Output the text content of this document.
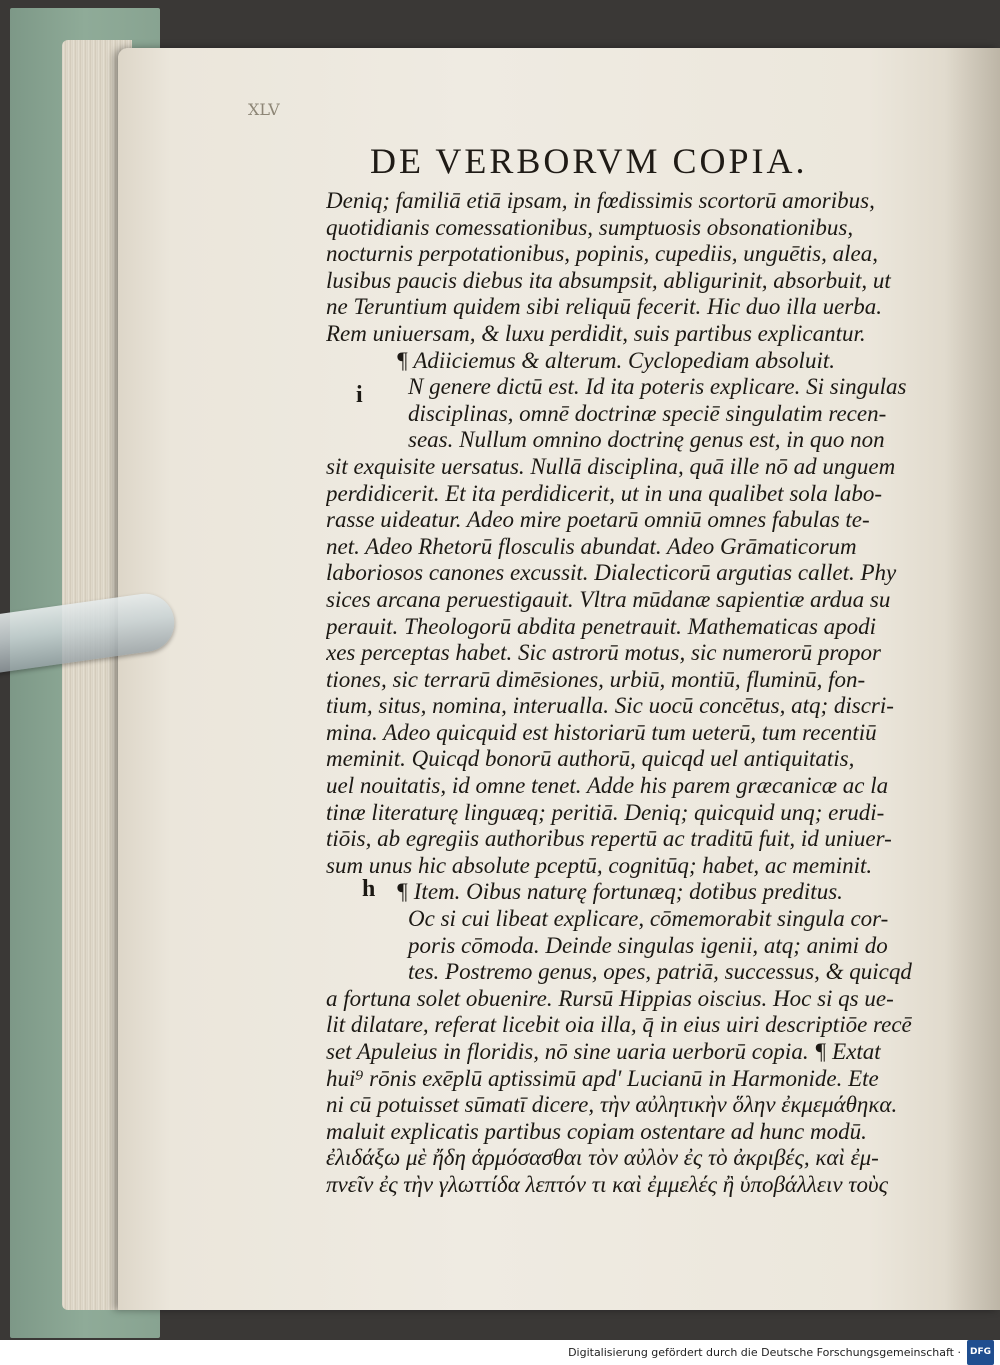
XLV
DE VERBORVM COPIA.
i
h
Deniq; familiā etiā ipsam, in fœdissimis scortorū amoribus,
quotidianis comessationibus, sumptuosis obsonationibus,
nocturnis perpotationibus, popinis, cupediis, unguētis, alea,
lusibus paucis diebus ita absumpsit, abligurinit, absorbuit, ut
ne Teruntium quidem sibi reliquū fecerit. Hic duo illa uerba.
Rem uniuersam, & luxu perdidit, suis partibus explicantur.
¶ Adiiciemus & alterum. Cyclopediam absoluit.
N genere dictū est. Id ita poteris explicare. Si singulas
disciplinas, omnē doctrinæ speciē singulatim recen-
seas. Nullum omnino doctrinę genus est, in quo non
sit exquisite uersatus. Nullā disciplina, quā ille nō ad unguem
perdidicerit. Et ita perdidicerit, ut in una qualibet sola labo-
rasse uideatur. Adeo mire poetarū omniū omnes fabulas te-
net. Adeo Rhetorū flosculis abundat. Adeo Grāmaticorum
laboriosos canones excussit. Dialecticorū argutias callet. Phy
sices arcana peruestigauit. Vltra mūdanæ sapientiæ ardua su
perauit. Theologorū abdita penetrauit. Mathematicas apodi
xes perceptas habet. Sic astrorū motus, sic numerorū propor
tiones, sic terrarū dimēsiones, urbiū, montiū, fluminū, fon-
tium, situs, nomina, interualla. Sic uocū concētus, atq; discri-
mina. Adeo quicquid est historiarū tum ueterū, tum recentiū
meminit. Quicqd bonorū authorū, quicqd uel antiquitatis,
uel nouitatis, id omne tenet. Adde his parem græcanicæ ac la
tinæ literaturę linguæq; peritiā. Deniq; quicquid unq; erudi-
tiōis, ab egregiis authoribus repertū ac traditū fuit, id uniuer-
sum unus hic absolute pceptū, cognitūq; habet, ac meminit.
¶ Item. Oibus naturę fortunæq; dotibus preditus.
Oc si cui libeat explicare, cōmemorabit singula cor-
poris cōmoda. Deinde singulas igenii, atq; animi do
tes. Postremo genus, opes, patriā, successus, & quicqd
a fortuna solet obuenire. Rursū Hippias oiscius. Hoc si qs ue-
lit dilatare, referat licebit oia illa, q̄ in eius uiri descriptiōe recē
set Apuleius in floridis, nō sine uaria uerborū copia. ¶ Extat
hui⁹ rōnis exēplū aptissimū apd' Lucianū in Harmonide. Ete
ni cū potuisset sūmatī dicere, τὴν αὐλητικὴν ὅλην ἐκμεμάθηκα.
maluit explicatis partibus copiam ostentare ad hunc modū.
ἐλιδάξω μὲ ἤδη ἁρμόσασθαι τὸν αὐλὸν ἐς τὸ ἀκριβές, καὶ ἐμ-
πνεῖν ἐς τὴν γλωττίδα λεπτόν τι καὶ ἐμμελές ἢ ὑποβάλλειν τοὺς
Digitalisierung gefördert durch die Deutsche Forschungsgemeinschaft · DFG
